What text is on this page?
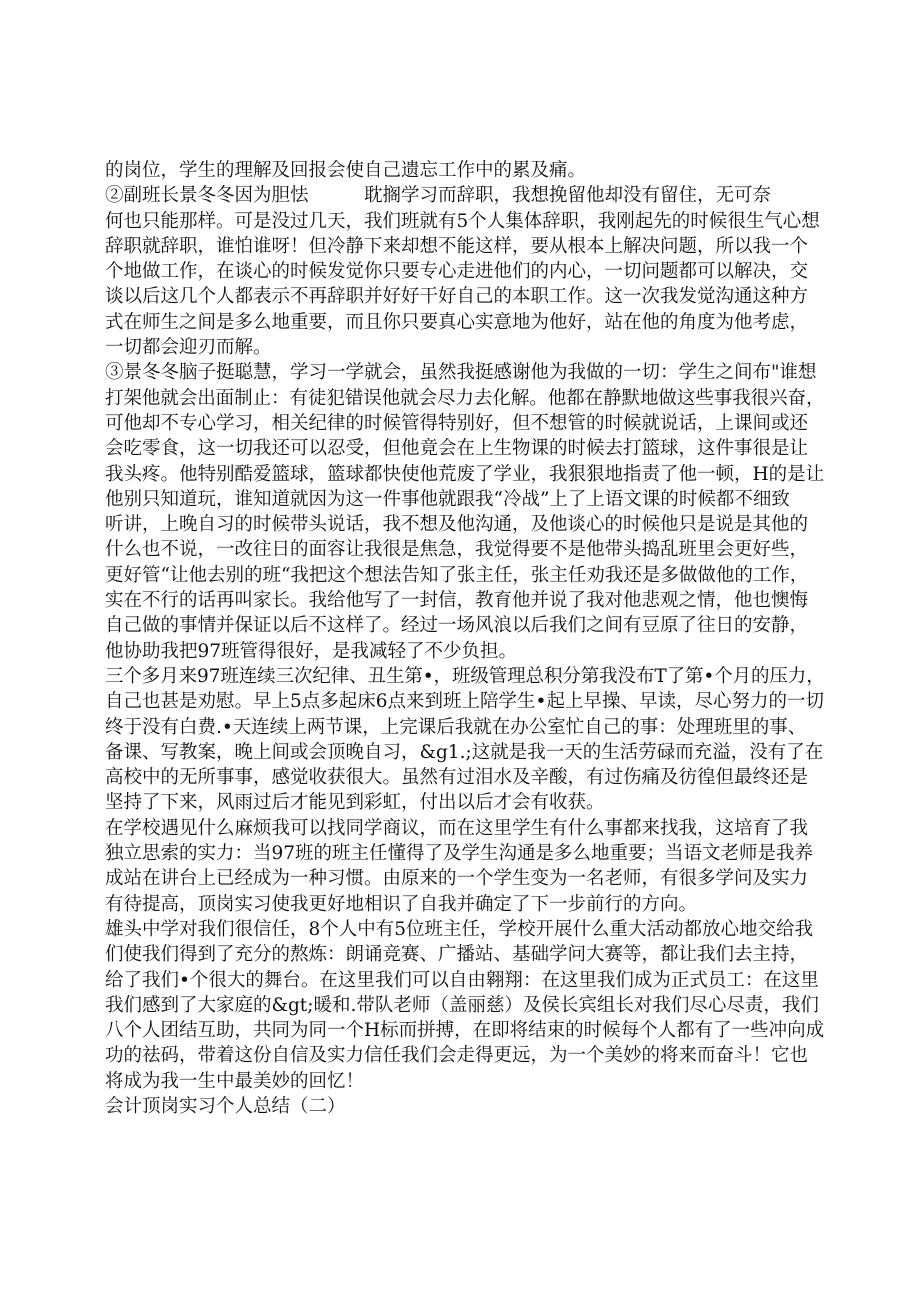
的岗位，学生的理解及回报会使自己遗忘工作中的累及痛。
②副班长景冬冬因为胆怯　　　耽搁学习而辞职，我想挽留他却没有留住，无可奈
何也只能那样。可是没过几天，我们班就有5个人集体辞职，我刚起先的时候很生气心想
辞职就辞职，谁怕谁呀！但冷静下来却想不能这样，要从根本上解决问题，所以我一个
个地做工作，在谈心的时候发觉你只要专心走进他们的内心，一切问题都可以解决，交
谈以后这几个人都表示不再辞职并好好干好自己的本职工作。这一次我发觉沟通这种方
式在师生之间是多么地重要，而且你只要真心实意地为他好，站在他的角度为他考虑，
一切都会迎刃而解。
③景冬冬脑子挺聪慧，学习一学就会，虽然我挺感谢他为我做的一切：学生之间布"谁想
打架他就会出面制止：有徒犯错误他就会尽力去化解。他都在静默地做这些事我很兴奋，
可他却不专心学习，相关纪律的时候管得特别好，但不想管的时候就说话，上课间或还
会吃零食，这一切我还可以忍受，但他竟会在上生物课的时候去打篮球，这件事很是让
我头疼。他特别酷爱篮球，篮球都快使他荒废了学业，我狠狠地指责了他一顿，H的是让
他别只知道玩，谁知道就因为这一件事他就跟我“冷战”上了上语文课的时候都不细致
听讲，上晚自习的时候带头说话，我不想及他沟通，及他谈心的时候他只是说是其他的
什么也不说，一改往日的面容让我很是焦急，我觉得要不是他带头捣乱班里会更好些，
更好管“让他去别的班“我把这个想法告知了张主任，张主任劝我还是多做做他的工作，
实在不行的话再叫家长。我给他写了一封信，教育他并说了我对他悲观之情，他也懊悔
自己做的事情并保证以后不这样了。经过一场风浪以后我们之间有豆原了往日的安静，
他协助我把97班管得很好，是我减轻了不少负担。
三个多月来97班连续三次纪律、丑生第•，班级管理总积分第我没布T了第•个月的压力，
自己也甚是劝慰。早上5点多起床6点来到班上陪学生•起上早操、早读，尽心努力的一切
终于没有白费.•天连续上两节课，上完课后我就在办公室忙自己的事：处理班里的事、
备课、写教案，晚上间或会顶晚自习，&g1.;这就是我一天的生活劳碌而充溢，没有了在
高校中的无所事事，感觉收获很大。虽然有过泪水及辛酸，有过伤痛及彷徨但最终还是
坚持了下来，风雨过后才能见到彩虹，付出以后才会有收获。
在学校遇见什么麻烦我可以找同学商议，而在这里学生有什么事都来找我，这培育了我
独立思索的实力：当97班的班主任懂得了及学生沟通是多么地重要；当语文老师是我养
成站在讲台上已经成为一种习惯。由原来的一个学生变为一名老师，有很多学问及实力
有待提高，顶岗实习使我更好地相识了自我并确定了下一步前行的方向。
雄头中学对我们很信任，8个人中有5位班主任，学校开展什么重大活动都放心地交给我
们使我们得到了充分的熬炼：朗诵竞赛、广播站、基础学问大赛等，都让我们去主持，
给了我们•个很大的舞台。在这里我们可以自由翱翔：在这里我们成为正式员工：在这里
我们感到了大家庭的&gt;暖和.带队老师（盖丽慈）及侯长宾组长对我们尽心尽责，我们
八个人团结互助，共同为同一个H标而拼搏，在即将结束的时候每个人都有了一些冲向成
功的祛码，带着这份自信及实力信任我们会走得更远，为一个美妙的将来而奋斗！它也
将成为我一生中最美妙的回忆！
会计顶岗实习个人总结（二）
